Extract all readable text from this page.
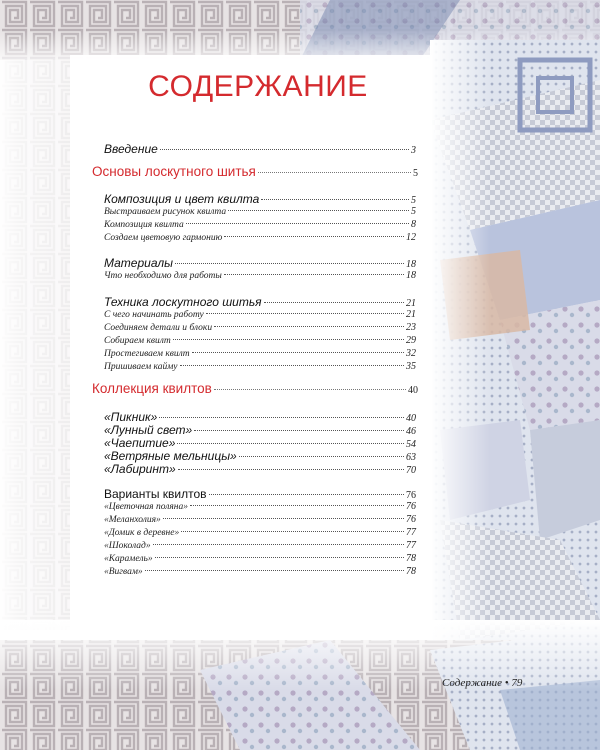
СОДЕРЖАНИЕ
Введение	3
Основы лоскутного шитья	5
Композиция и цвет квилта	5
Выстраиваем рисунок квилта	5
Композиция квилта	8
Создаем цветовую гармонию	12
Материалы	18
Что необходимо для работы	18
Техника лоскутного шитья	21
С чего начинать работу	21
Соединяем детали и блоки	23
Собираем квилт	29
Простегиваем квилт	32
Пришиваем кайму	35
Коллекция квилтов	40
«Пикник»	40
«Лунный свет»	46
«Чаепитие»	54
«Ветряные мельницы»	63
«Лабиринт»	70
Варианты квилтов	76
«Цветочная поляна»	76
«Меланхолия»	76
«Домик в деревне»	77
«Шоколад»	77
«Карамель»	78
«Вигвам»	78
Содержание • 79
